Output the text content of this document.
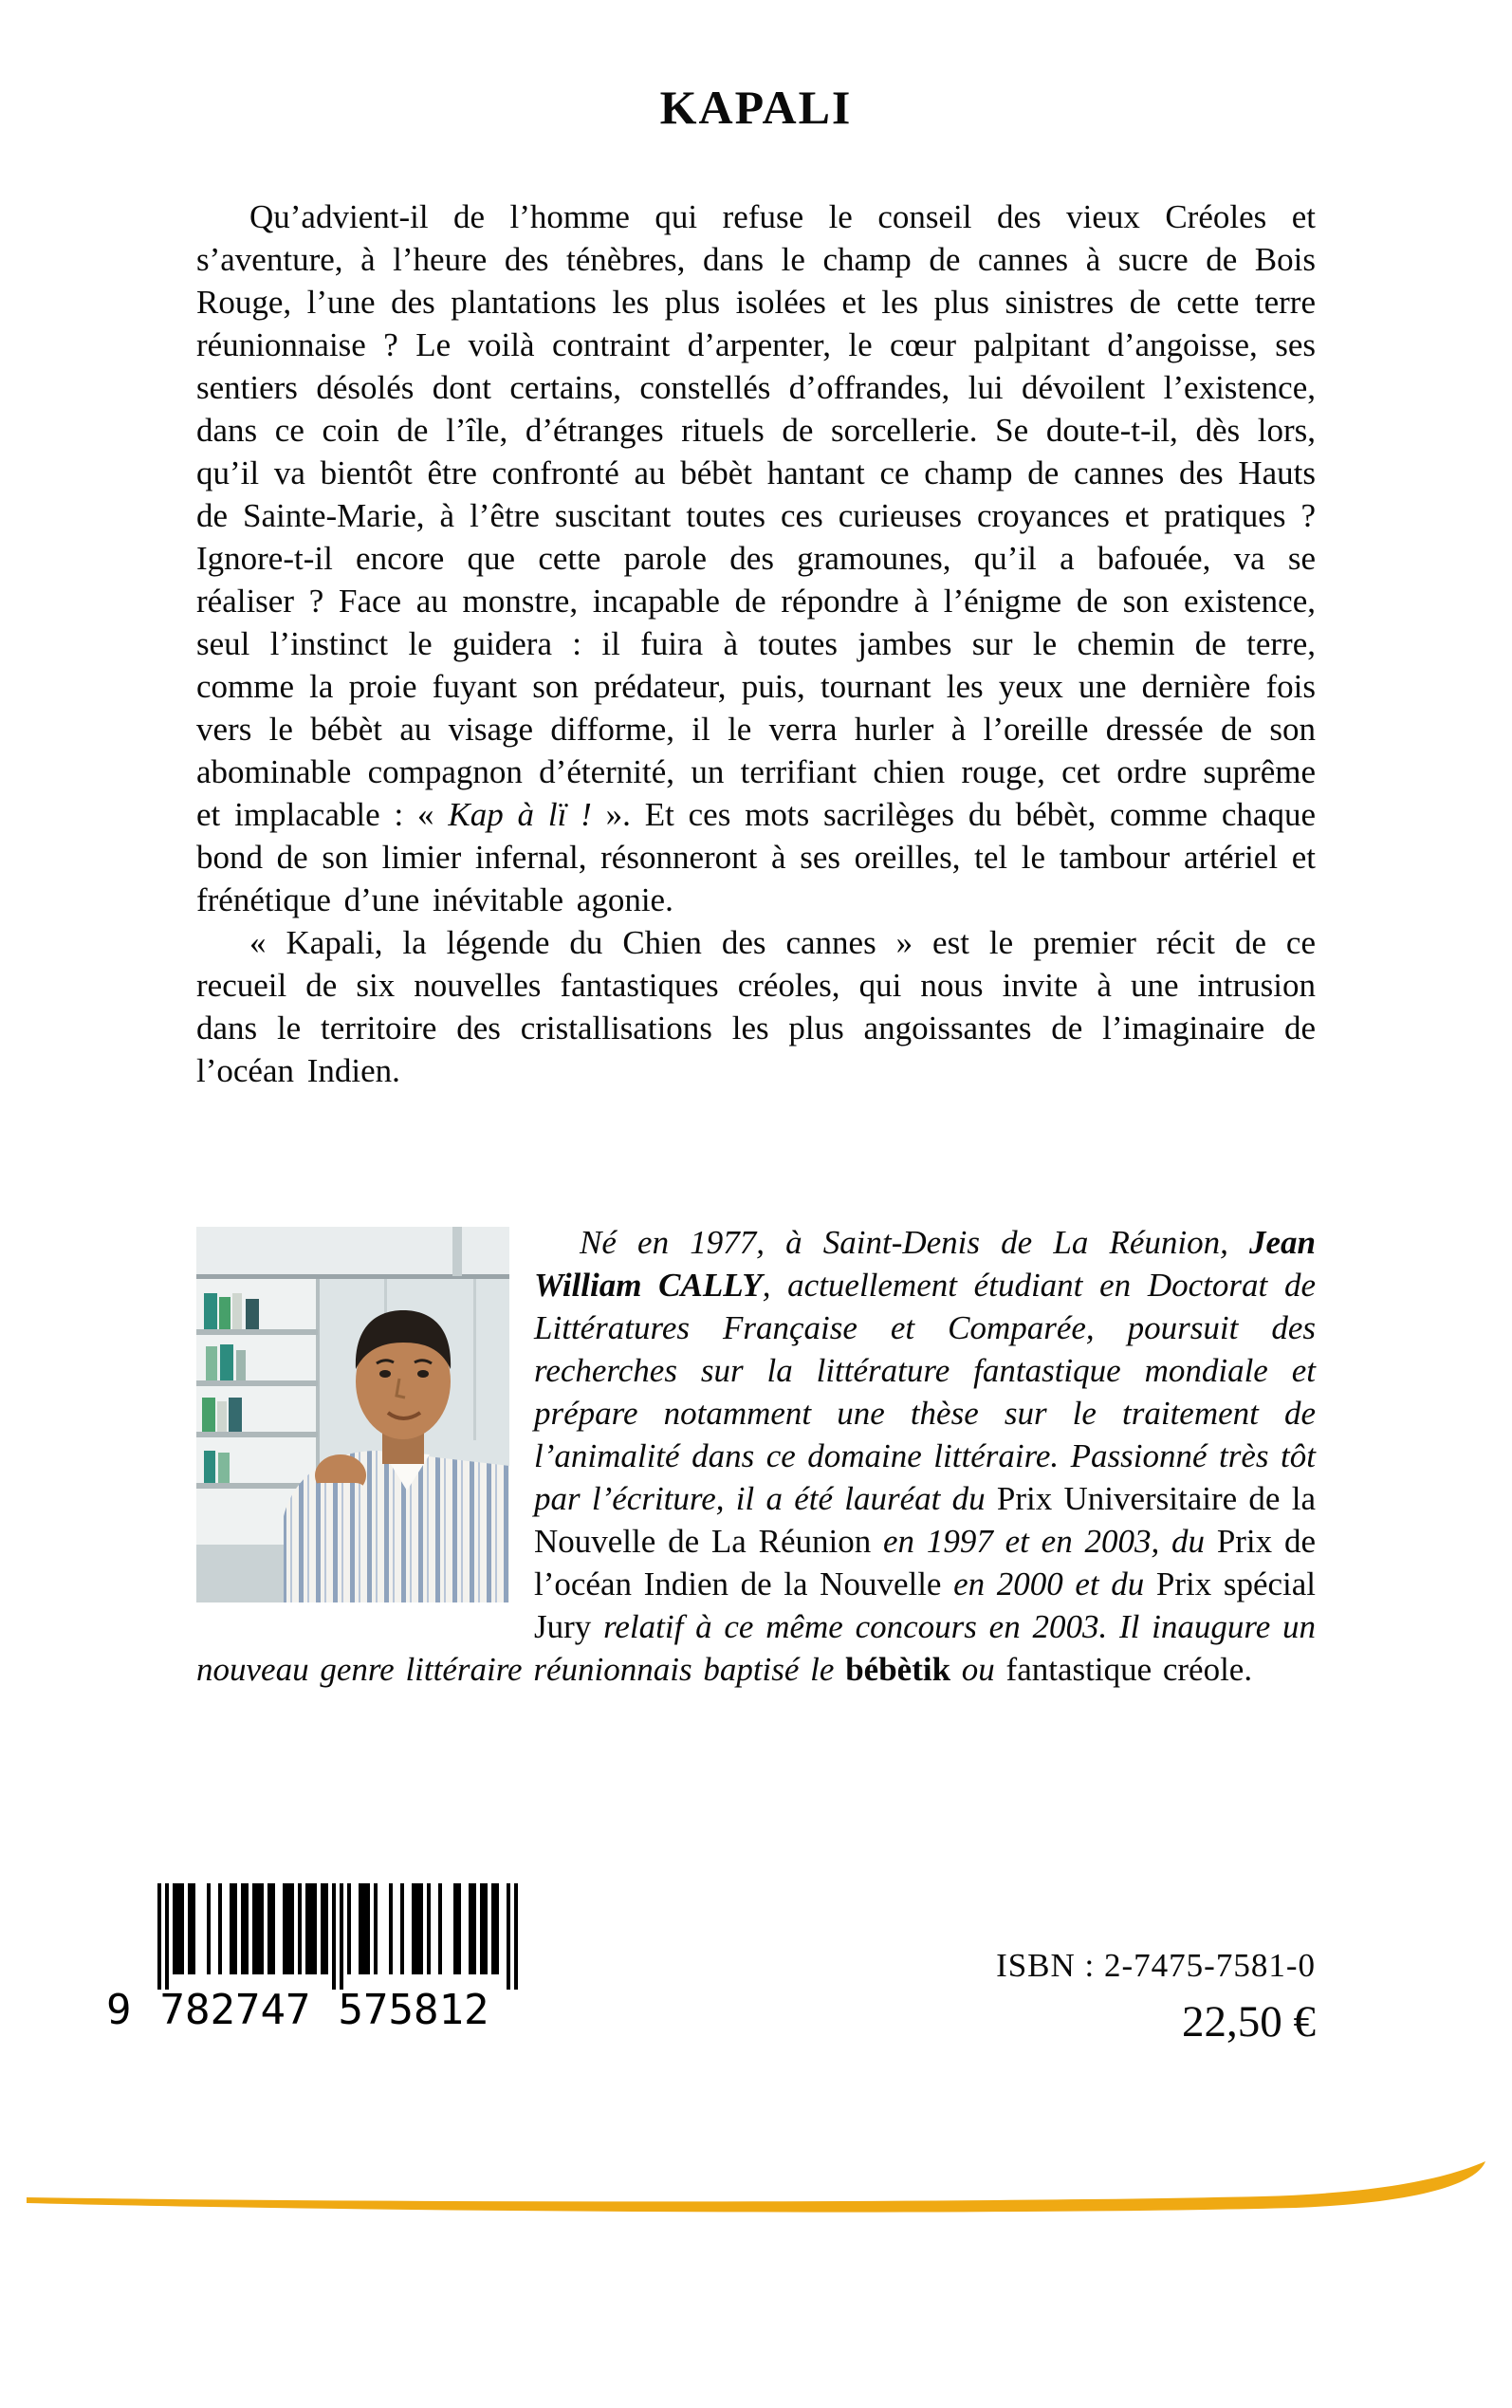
KAPALI

Qu’advient-il de l’homme qui refuse le conseil des vieux Créoles et s’aventure, à l’heure des ténèbres, dans le champ de cannes à sucre de Bois Rouge, l’une des plantations les plus isolées et les plus sinistres de cette terre réunionnaise ? Le voilà contraint d’arpenter, le cœur palpitant d’angoisse, ses sentiers désolés dont certains, constellés d’offrandes, lui dévoilent l’existence, dans ce coin de l’île, d’étranges rituels de sorcellerie. Se doute-t-il, dès lors, qu’il va bientôt être confronté au bébèt hantant ce champ de cannes des Hauts de Sainte-Marie, à l’être suscitant toutes ces curieuses croyances et pratiques ? Ignore-t-il encore que cette parole des gramounes, qu’il a bafouée, va se réaliser ? Face au monstre, incapable de répondre à l’énigme de son existence, seul l’instinct le guidera : il fuira à toutes jambes sur le chemin de terre, comme la proie fuyant son prédateur, puis, tournant les yeux une dernière fois vers le bébèt au visage difforme, il le verra hurler à l’oreille dressée de son abominable compagnon d’éternité, un terrifiant chien rouge, cet ordre suprême et implacable : « Kap à lï ! ». Et ces mots sacrilèges du bébèt, comme chaque bond de son limier infernal, résonneront à ses oreilles, tel le tambour artériel et frénétique d’une inévitable agonie.

« Kapali, la légende du Chien des cannes » est le premier récit de ce recueil de six nouvelles fantastiques créoles, qui nous invite à une intrusion dans le territoire des cristallisations les plus angoissantes de l’imaginaire de l’océan Indien.

Né en 1977, à Saint-Denis de La Réunion, Jean William CALLY, actuellement étudiant en Doctorat de Littératures Française et Comparée, poursuit des recherches sur la littérature fantastique mondiale et prépare notamment une thèse sur le traitement de l’animalité dans ce domaine littéraire. Passionné très tôt par l’écriture, il a été lauréat du Prix Universitaire de la Nouvelle de La Réunion en 1997 et en 2003, du Prix de l’océan Indien de la Nouvelle en 2000 et du Prix spécial Jury relatif à ce même concours en 2003. Il inaugure un nouveau genre littéraire réunionnais baptisé le bébètik ou fantastique créole.

9 782747 575812
ISBN : 2-7475-7581-0
22,50 €
